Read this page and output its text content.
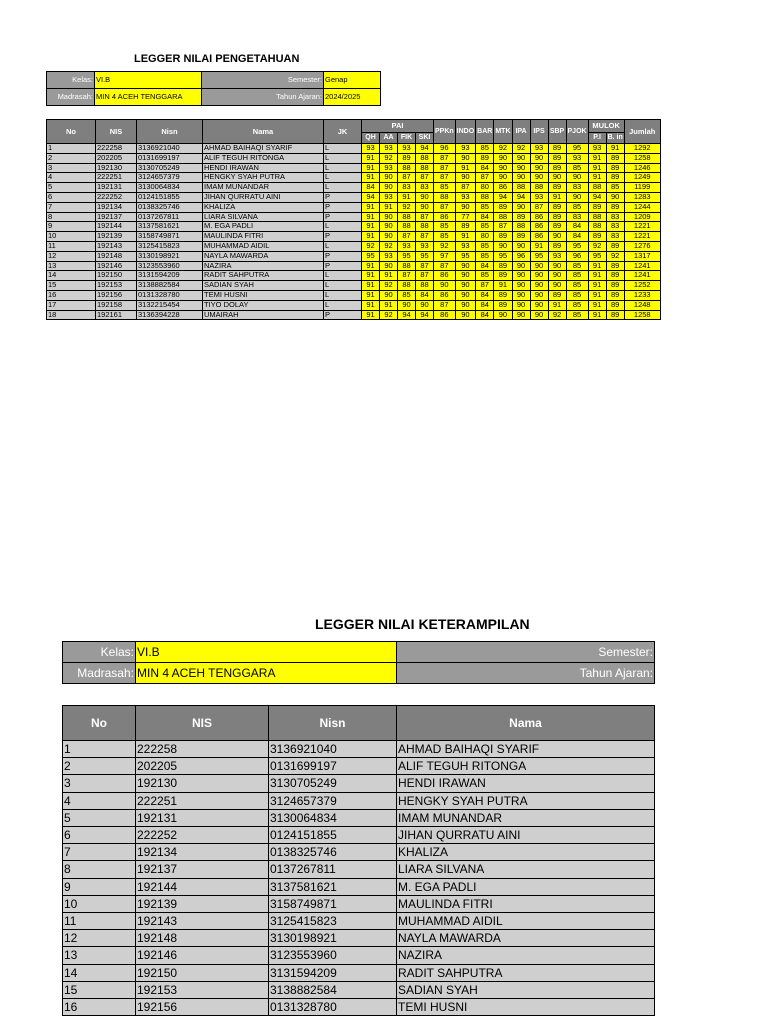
LEGGER NILAI PENGETAHUAN
Kelas:	VI.B	Semester:	Genap
Madrasah:	MIN 4 ACEH TENGGARA	Tahun Ajaran:	2024/2025
No	NIS	Nisn	Nama	JK	PAI				PPKn	INDO	BAR	MTK	IPA	IPS	SBP	PJOK	MULOK		Jumlah
					QH	AA	FIK	SKI									P.I	B. in	
1	222258	3136921040	AHMAD BAIHAQI SYARIF	L	93	93	93	94	96	93	85	92	92	93	89	95	93	91	1292
2	202205	0131699197	ALIF TEGUH RITONGA	L	91	92	89	88	87	90	89	90	90	90	89	93	91	89	1258
3	192130	3130705249	HENDI IRAWAN	L	91	93	88	88	87	91	84	90	90	90	89	85	91	89	1246
4	222251	3124657379	HENGKY SYAH PUTRA	L	91	90	87	87	87	90	87	90	90	90	90	90	91	89	1249
5	192131	3130064834	IMAM MUNANDAR	L	84	90	83	83	85	87	80	86	88	88	89	83	88	85	1199
6	222252	0124151855	JIHAN QURRATU AINI	P	94	93	91	90	88	93	88	94	94	93	91	90	94	90	1283
7	192134	0138325746	KHALIZA	P	91	91	92	90	87	90	85	89	90	87	89	85	89	89	1244
8	192137	0137267811	LIARA SILVANA	P	91	90	88	87	86	77	84	88	89	86	89	83	88	83	1209
9	192144	3137581621	M. EGA PADLI	L	91	90	88	88	85	89	85	87	88	86	89	84	88	83	1221
10	192139	3158749871	MAULINDA FITRI	P	91	90	87	87	85	91	80	89	89	86	90	84	89	83	1221
11	192143	3125415823	MUHAMMAD AIDIL	L	92	92	93	93	92	93	85	90	90	91	89	95	92	89	1276
12	192148	3130198921	NAYLA MAWARDA	P	95	93	95	95	97	95	85	95	96	95	93	96	95	92	1317
13	192146	3123553960	NAZIRA	P	91	90	88	87	87	90	84	89	90	90	90	85	91	89	1241
14	192150	3131594209	RADIT SAHPUTRA	L	91	91	87	87	86	90	85	89	90	90	90	85	91	89	1241
15	192153	3138882584	SADIAN SYAH	L	91	92	88	88	90	90	87	91	90	90	90	85	91	89	1252
16	192156	0131328780	TEMI HUSNI	L	91	90	85	84	86	90	84	89	90	90	89	85	91	89	1233
17	192158	3132215454	TIYO DOLAY	L	91	91	90	90	87	90	84	89	90	90	91	85	91	89	1248
18	192161	3136394228	UMAIRAH	P	91	92	94	94	86	90	84	90	90	90	92	85	91	89	1258
LEGGER NILAI KETERAMPILAN
Kelas:	VI.B	Semester:
Madrasah:	MIN 4 ACEH TENGGARA	Tahun Ajaran:
No	NIS	Nisn	Nama
1	222258	3136921040	AHMAD BAIHAQI SYARIF
2	202205	0131699197	ALIF TEGUH RITONGA
3	192130	3130705249	HENDI IRAWAN
4	222251	3124657379	HENGKY SYAH PUTRA
5	192131	3130064834	IMAM MUNANDAR
6	222252	0124151855	JIHAN QURRATU AINI
7	192134	0138325746	KHALIZA
8	192137	0137267811	LIARA SILVANA
9	192144	3137581621	M. EGA PADLI
10	192139	3158749871	MAULINDA FITRI
11	192143	3125415823	MUHAMMAD AIDIL
12	192148	3130198921	NAYLA MAWARDA
13	192146	3123553960	NAZIRA
14	192150	3131594209	RADIT SAHPUTRA
15	192153	3138882584	SADIAN SYAH
16	192156	0131328780	TEMI HUSNI
